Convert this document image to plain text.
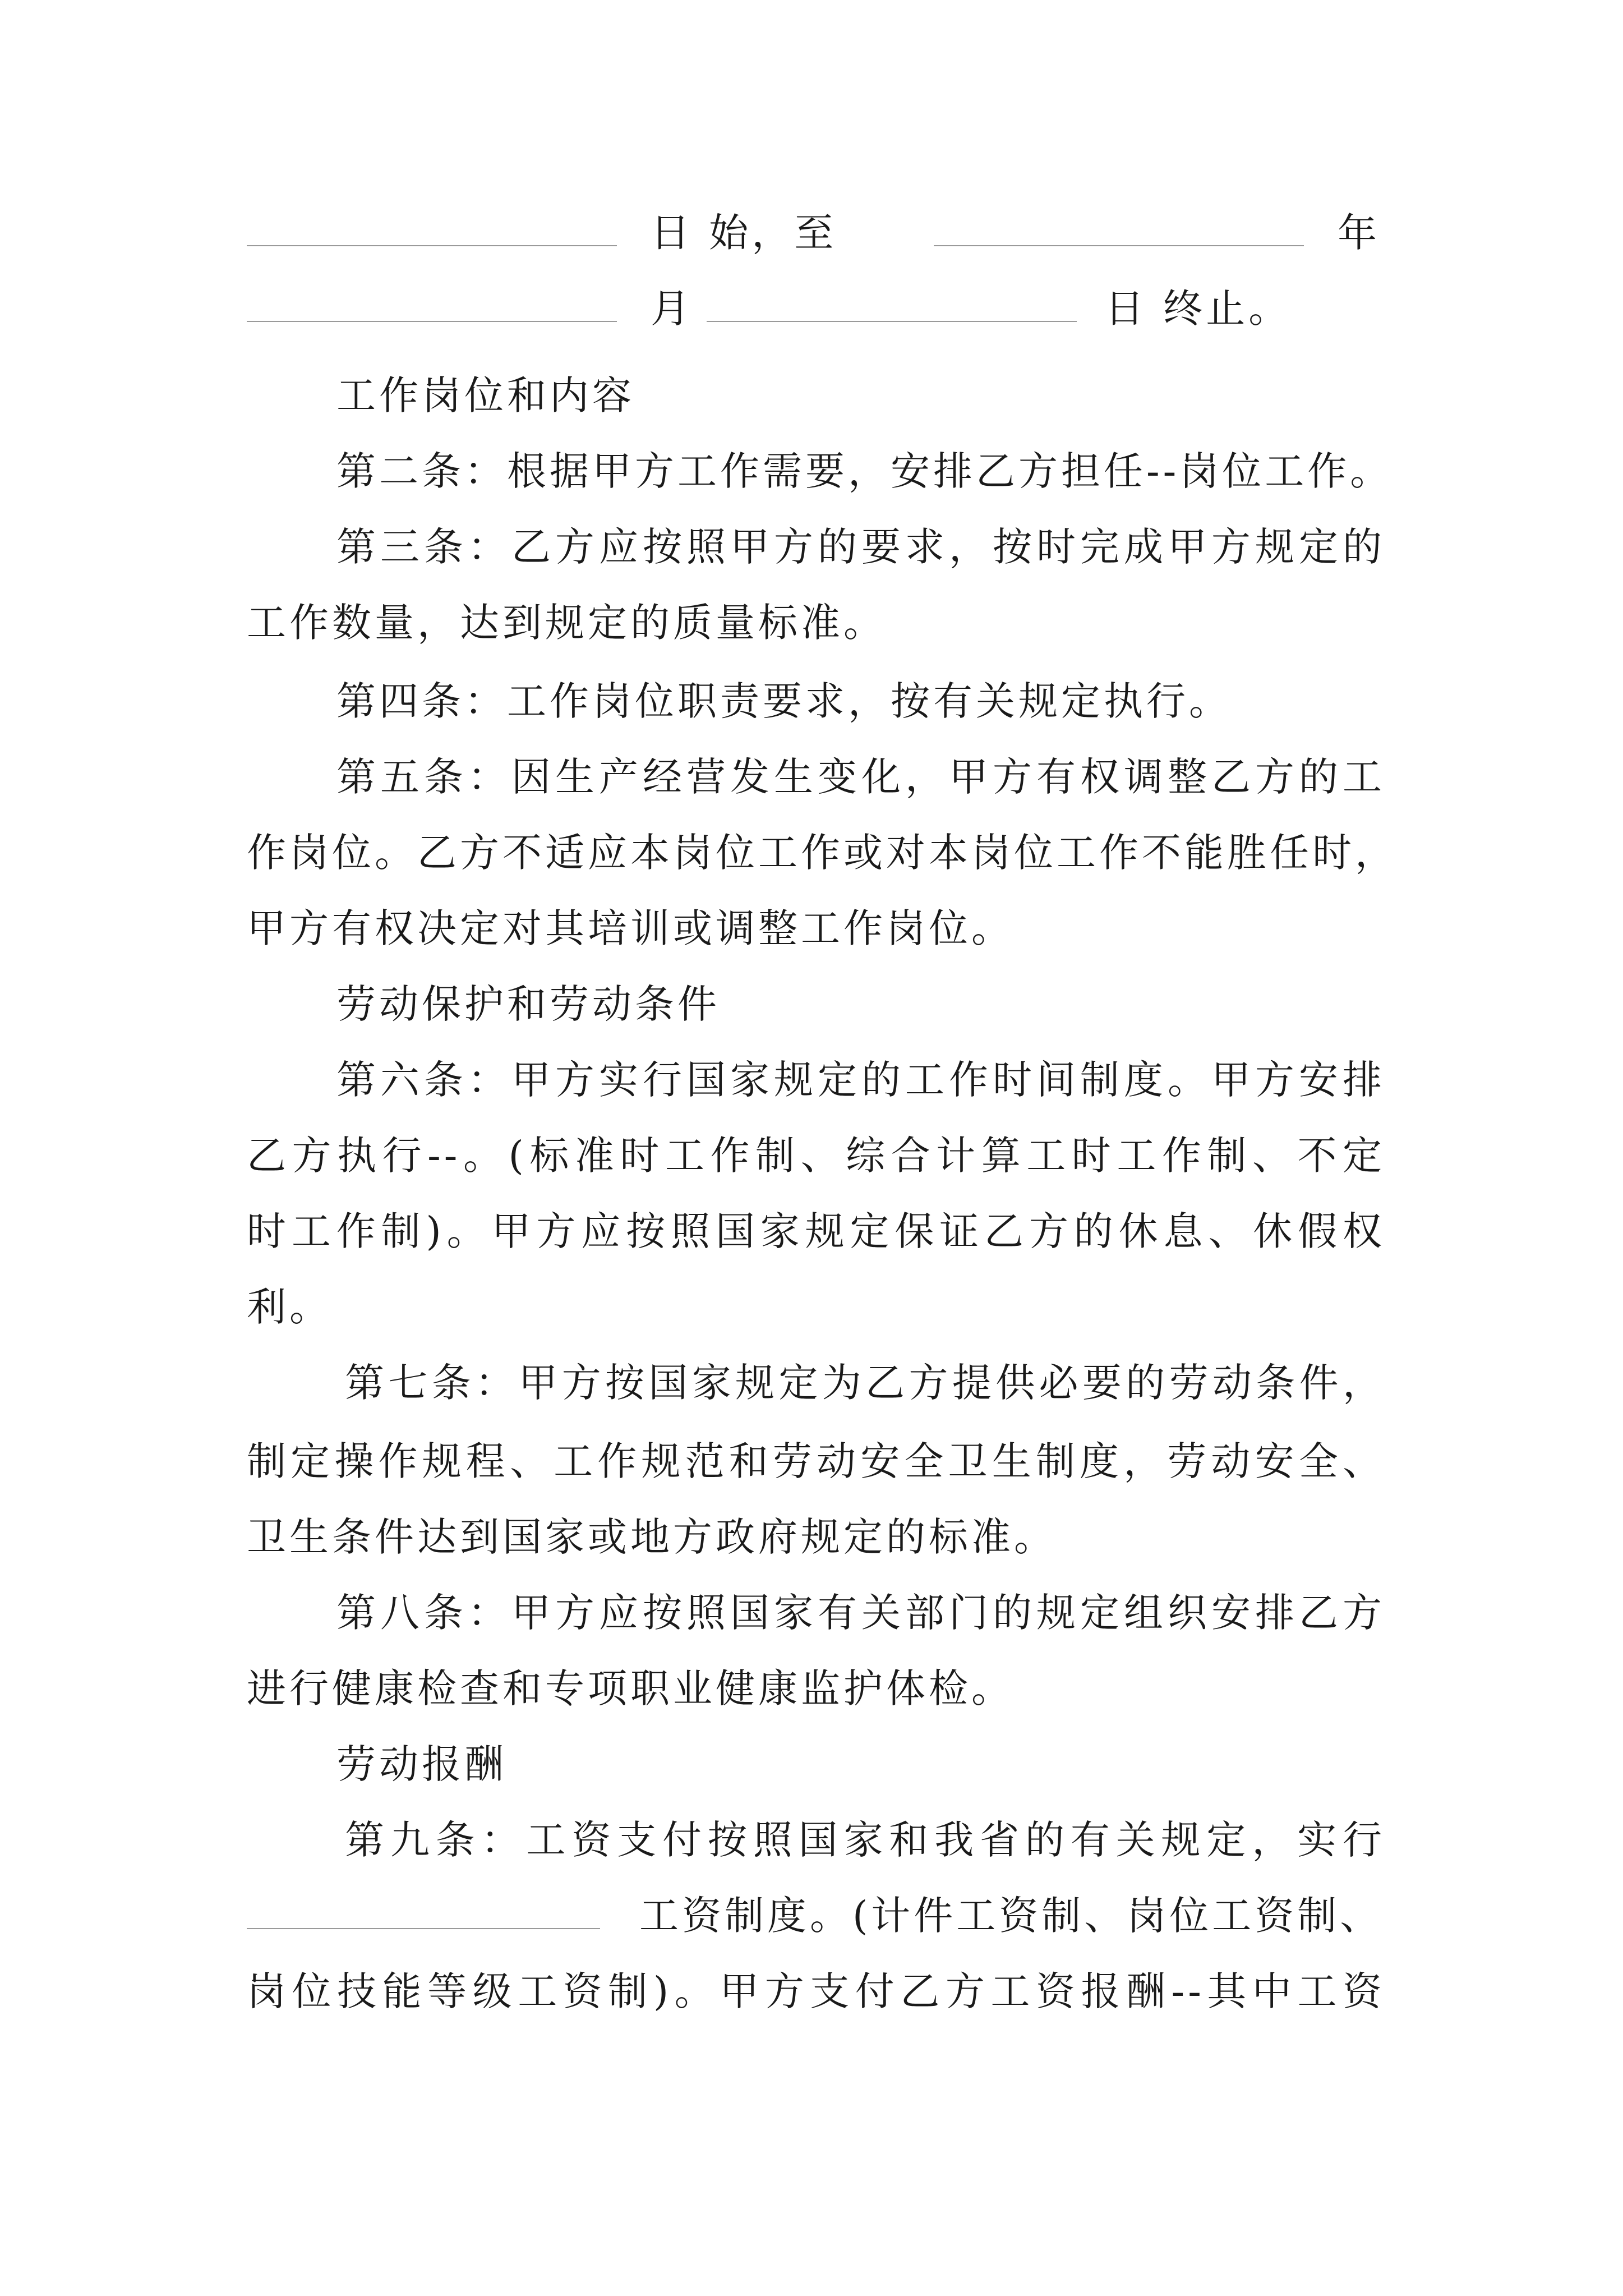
日 始，至	年
月	日 终止。
工作岗位和内容
第二条：根据甲方工作需要，安排乙方担任--岗位工作。
第三条：乙方应按照甲方的要求，按时完成甲方规定的
工作数量，达到规定的质量标准。
第四条：工作岗位职责要求，按有关规定执行。
第五条：因生产经营发生变化，甲方有权调整乙方的工
作岗位。乙方不适应本岗位工作或对本岗位工作不能胜任时，
甲方有权决定对其培训或调整工作岗位。
劳动保护和劳动条件
第六条：甲方实行国家规定的工作时间制度。甲方安排
乙方执行--。(标准时工作制、综合计算工时工作制、不定
时工作制)。甲方应按照国家规定保证乙方的休息、休假权
利。
第七条：甲方按国家规定为乙方提供必要的劳动条件，
制定操作规程、工作规范和劳动安全卫生制度，劳动安全、
卫生条件达到国家或地方政府规定的标准。
第八条：甲方应按照国家有关部门的规定组织安排乙方
进行健康检查和专项职业健康监护体检。
劳动报酬
第九条：工资支付按照国家和我省的有关规定，实行
工资制度。(计件工资制、岗位工资制、
岗位技能等级工资制)。甲方支付乙方工资报酬--其中工资
